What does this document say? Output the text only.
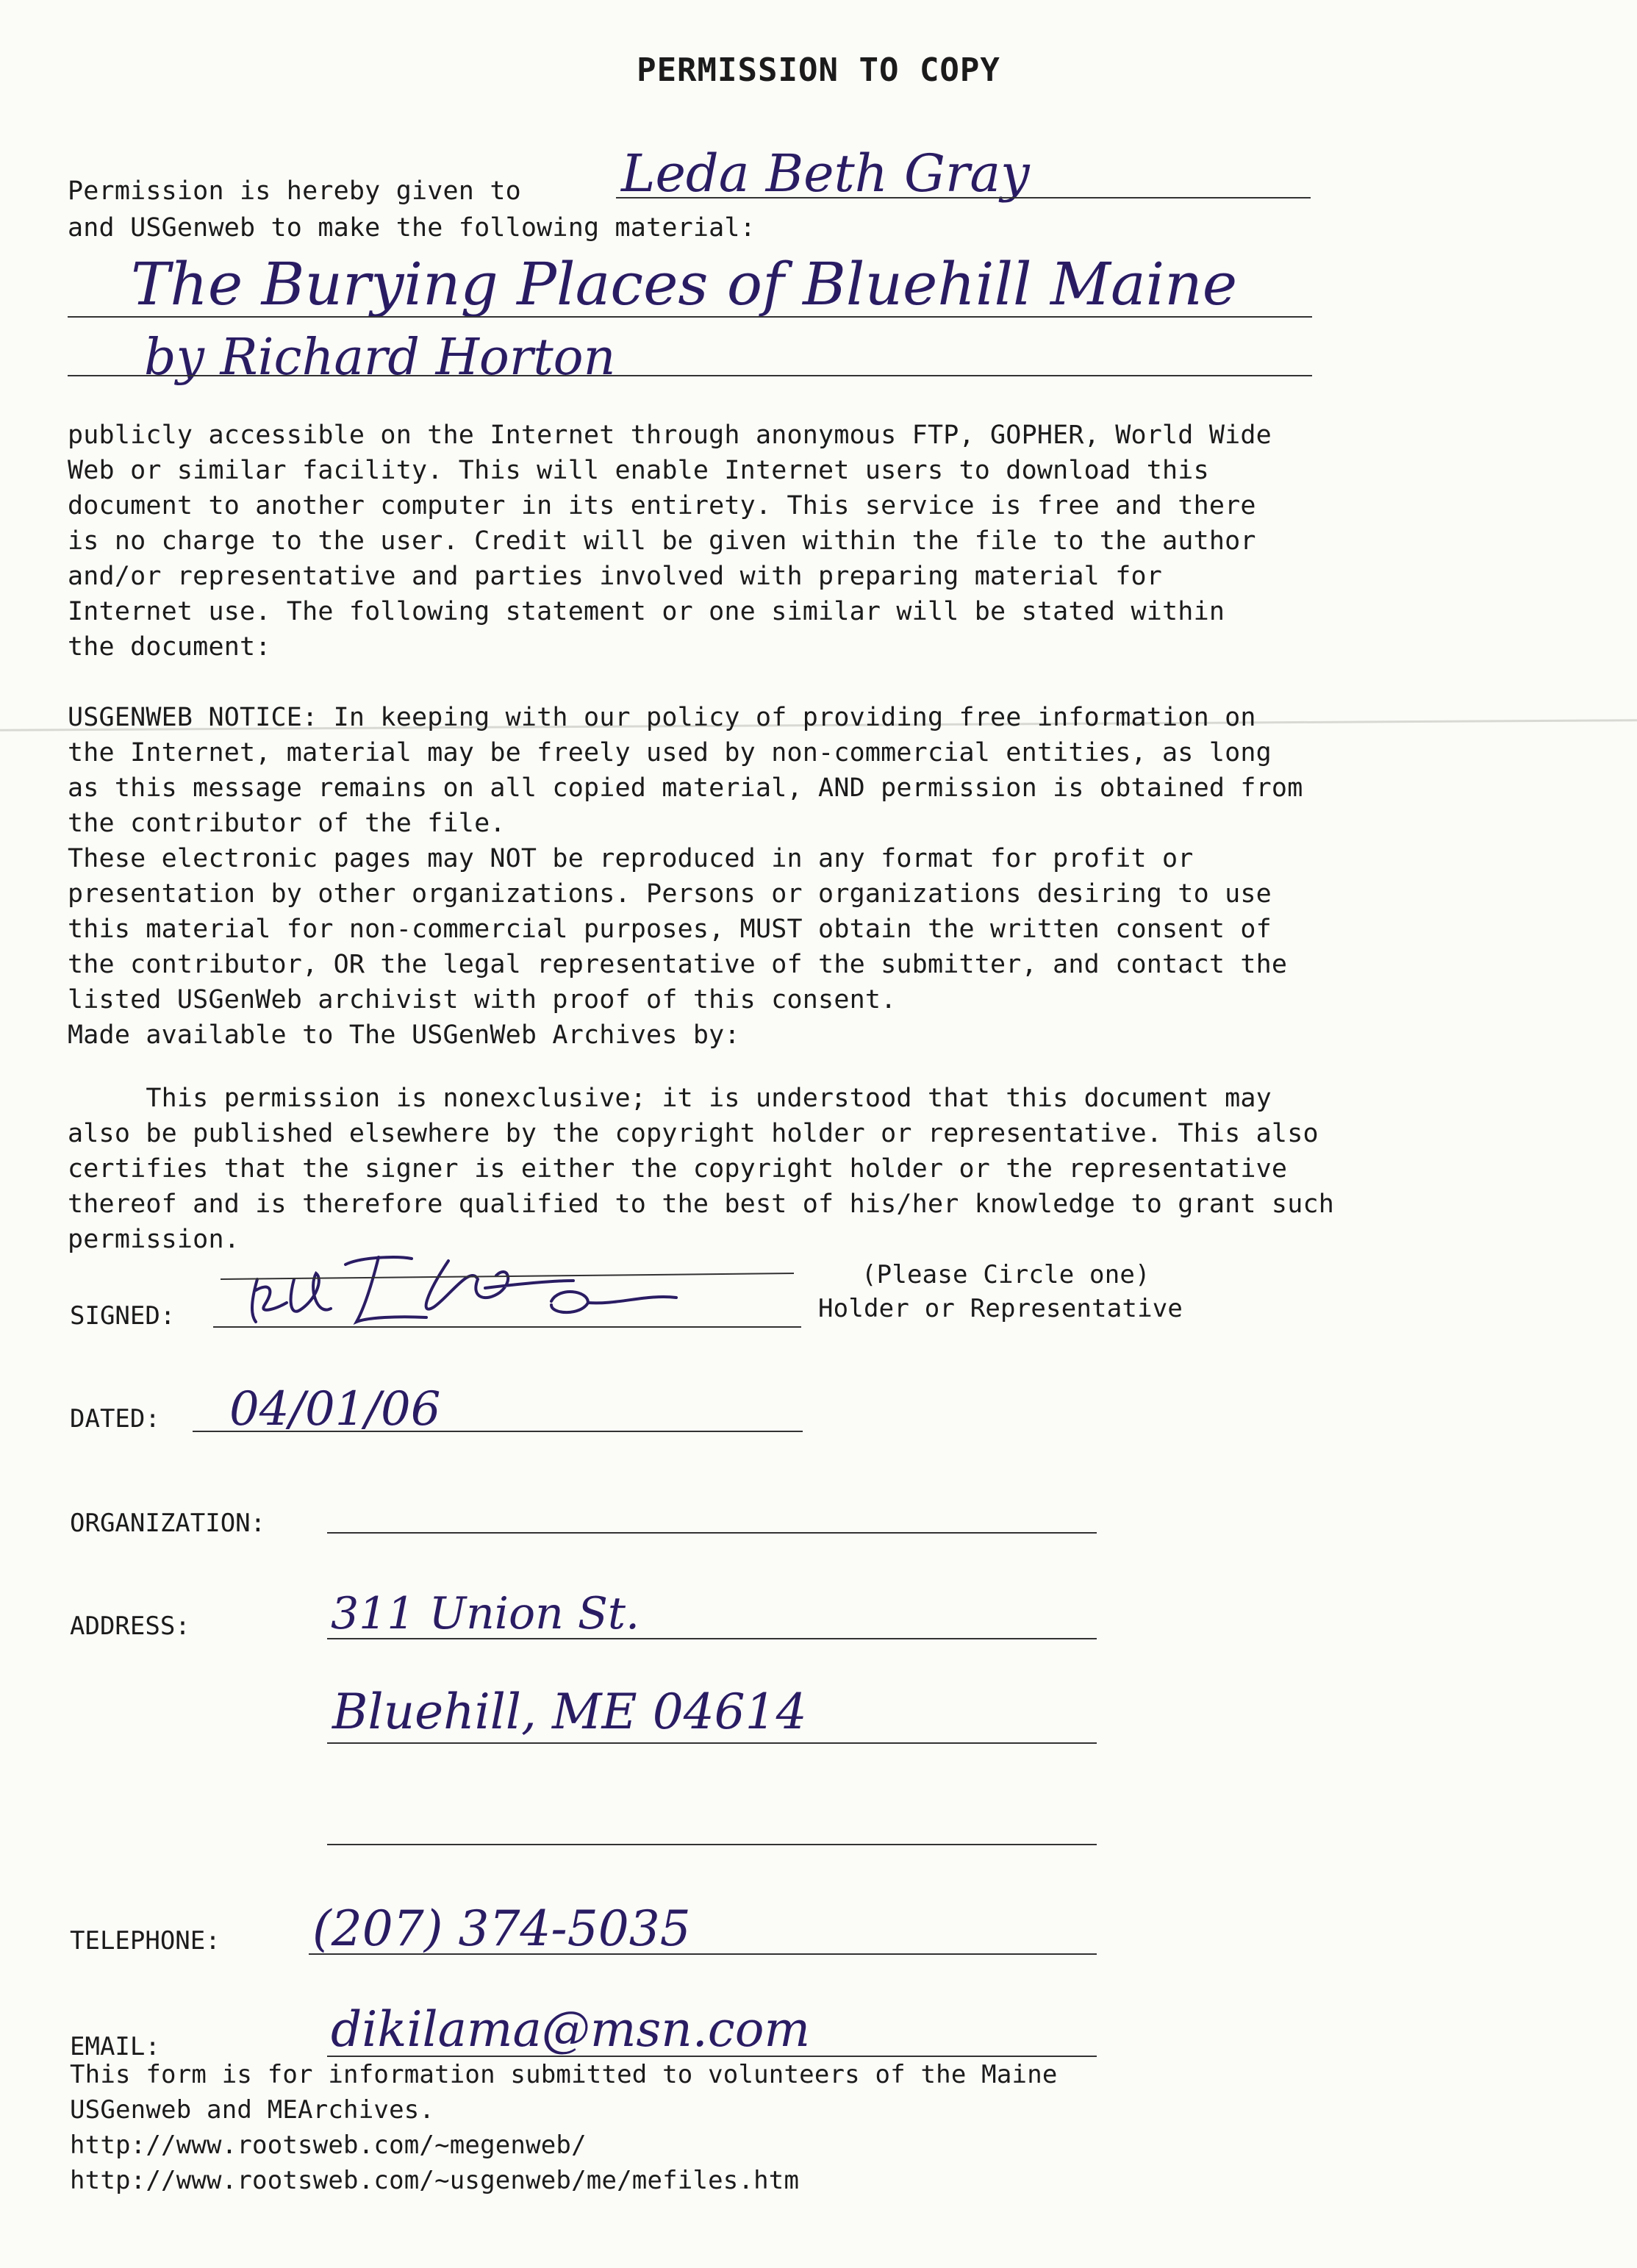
PERMISSION TO COPY
Permission is hereby given to Leda Beth Gray
and USGenweb to make the following material:
The Burying Places of Bluehill Maine
by Richard Horton
publicly accessible on the Internet through anonymous FTP, GOPHER, World Wide
Web or similar facility. This will enable Internet users to download this
document to another computer in its entirety. This service is free and there
is no charge to the user. Credit will be given within the file to the author
and/or representative and parties involved with preparing material for
Internet use. The following statement or one similar will be stated within
the document:
USGENWEB NOTICE: In keeping with our policy of providing free information on
the Internet, material may be freely used by non-commercial entities, as long
as this message remains on all copied material, AND permission is obtained from
the contributor of the file.
These electronic pages may NOT be reproduced in any format for profit or
presentation by other organizations. Persons or organizations desiring to use
this material for non-commercial purposes, MUST obtain the written consent of
the contributor, OR the legal representative of the submitter, and contact the
listed USGenWeb archivist with proof of this consent.
Made available to The USGenWeb Archives by:
This permission is nonexclusive; it is understood that this document may
also be published elsewhere by the copyright holder or representative. This also
certifies that the signer is either the copyright holder or the representative
thereof and is therefore qualified to the best of his/her knowledge to grant such
permission.
SIGNED:
(Please Circle one)
Holder or Representative
DATED: 04/01/06
ORGANIZATION:
ADDRESS:	311 Union St.
Bluehill, ME 04614
TELEPHONE: (207) 374-5035
EMAIL:	dikilama@msn.com
This form is for information submitted to volunteers of the Maine
USGenweb and MEArchives.
http://www.rootsweb.com/~megenweb/
http://www.rootsweb.com/~usgenweb/me/mefiles.htm
